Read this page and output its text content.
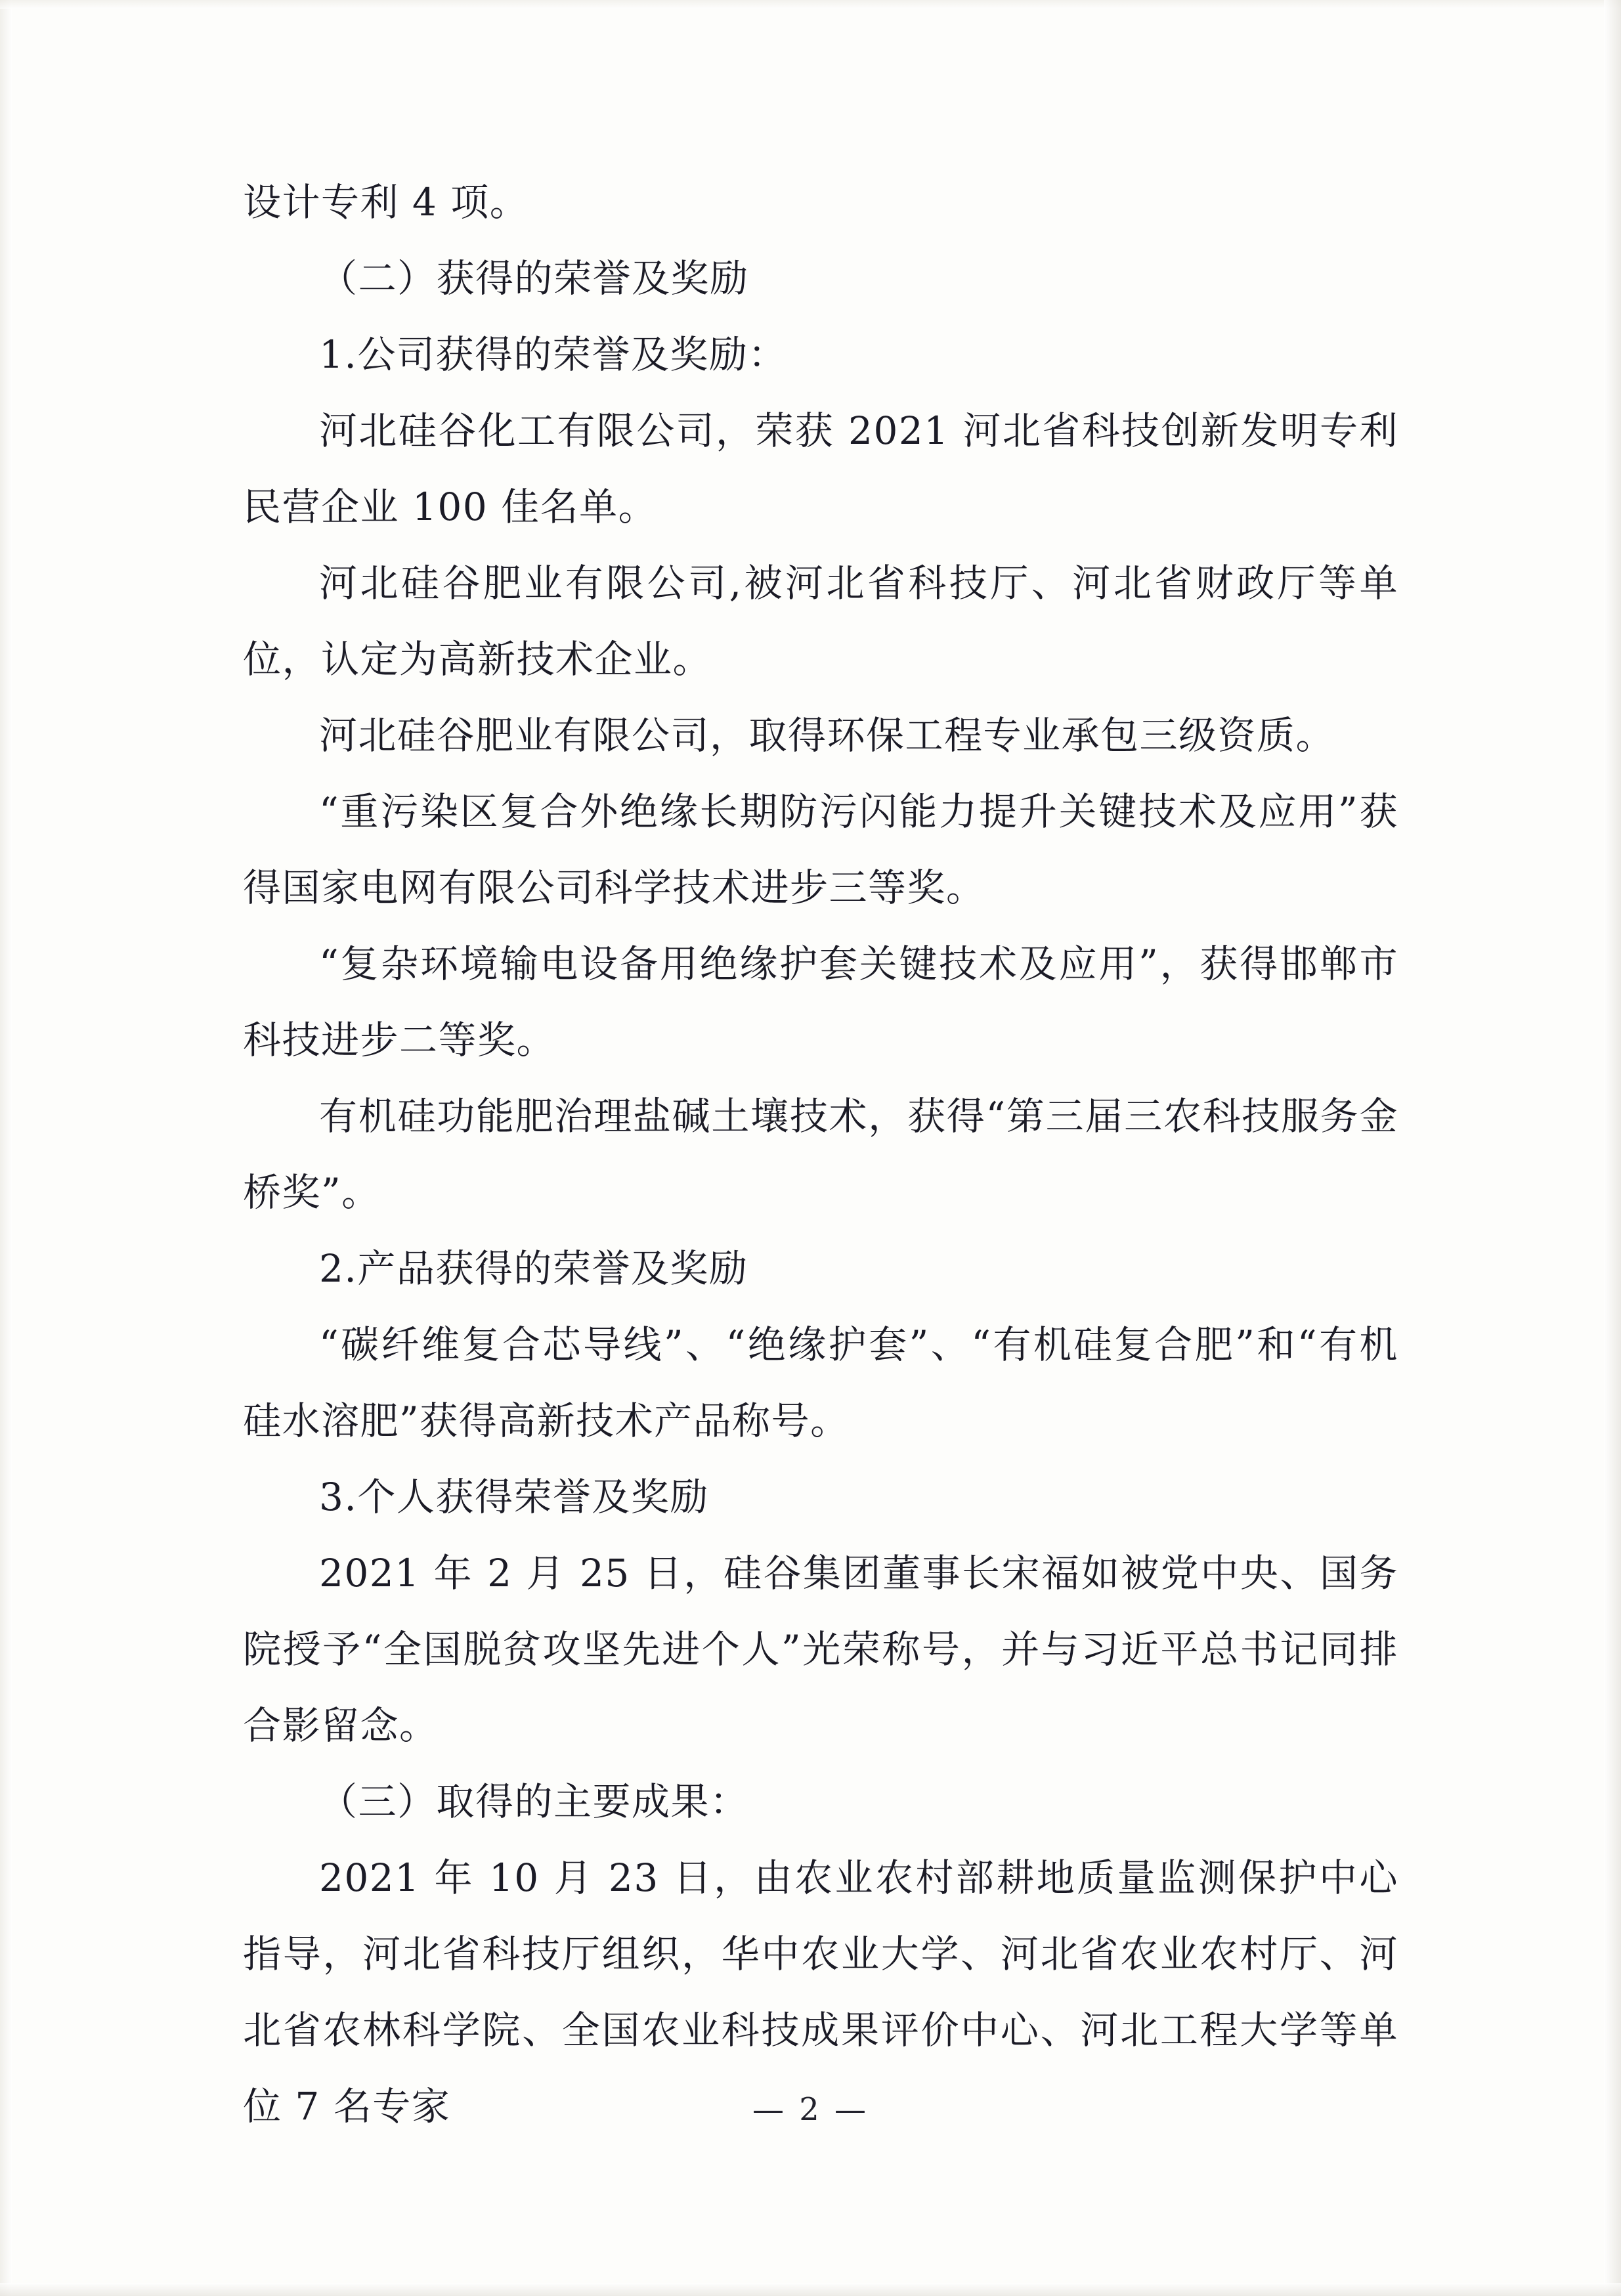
设计专利 4 项。

（二）获得的荣誉及奖励

1.公司获得的荣誉及奖励：

河北硅谷化工有限公司，荣获 2021 河北省科技创新发明专利民营企业 100 佳名单。

河北硅谷肥业有限公司,被河北省科技厅、河北省财政厅等单位，认定为高新技术企业。

河北硅谷肥业有限公司，取得环保工程专业承包三级资质。

“重污染区复合外绝缘长期防污闪能力提升关键技术及应用”获得国家电网有限公司科学技术进步三等奖。

“复杂环境输电设备用绝缘护套关键技术及应用”，获得邯郸市科技进步二等奖。

有机硅功能肥治理盐碱土壤技术，获得“第三届三农科技服务金桥奖”。

2.产品获得的荣誉及奖励

“碳纤维复合芯导线”、“绝缘护套”、“有机硅复合肥”和“有机硅水溶肥”获得高新技术产品称号。

3.个人获得荣誉及奖励

2021 年 2 月 25 日，硅谷集团董事长宋福如被党中央、国务院授予“全国脱贫攻坚先进个人”光荣称号，并与习近平总书记同排合影留念。

（三）取得的主要成果：

2021 年 10 月 23 日，由农业农村部耕地质量监测保护中心指导，河北省科技厅组织，华中农业大学、河北省农业农村厅、河北省农林科学院、全国农业科技成果评价中心、河北工程大学等单位 7 名专家	— 2 —
